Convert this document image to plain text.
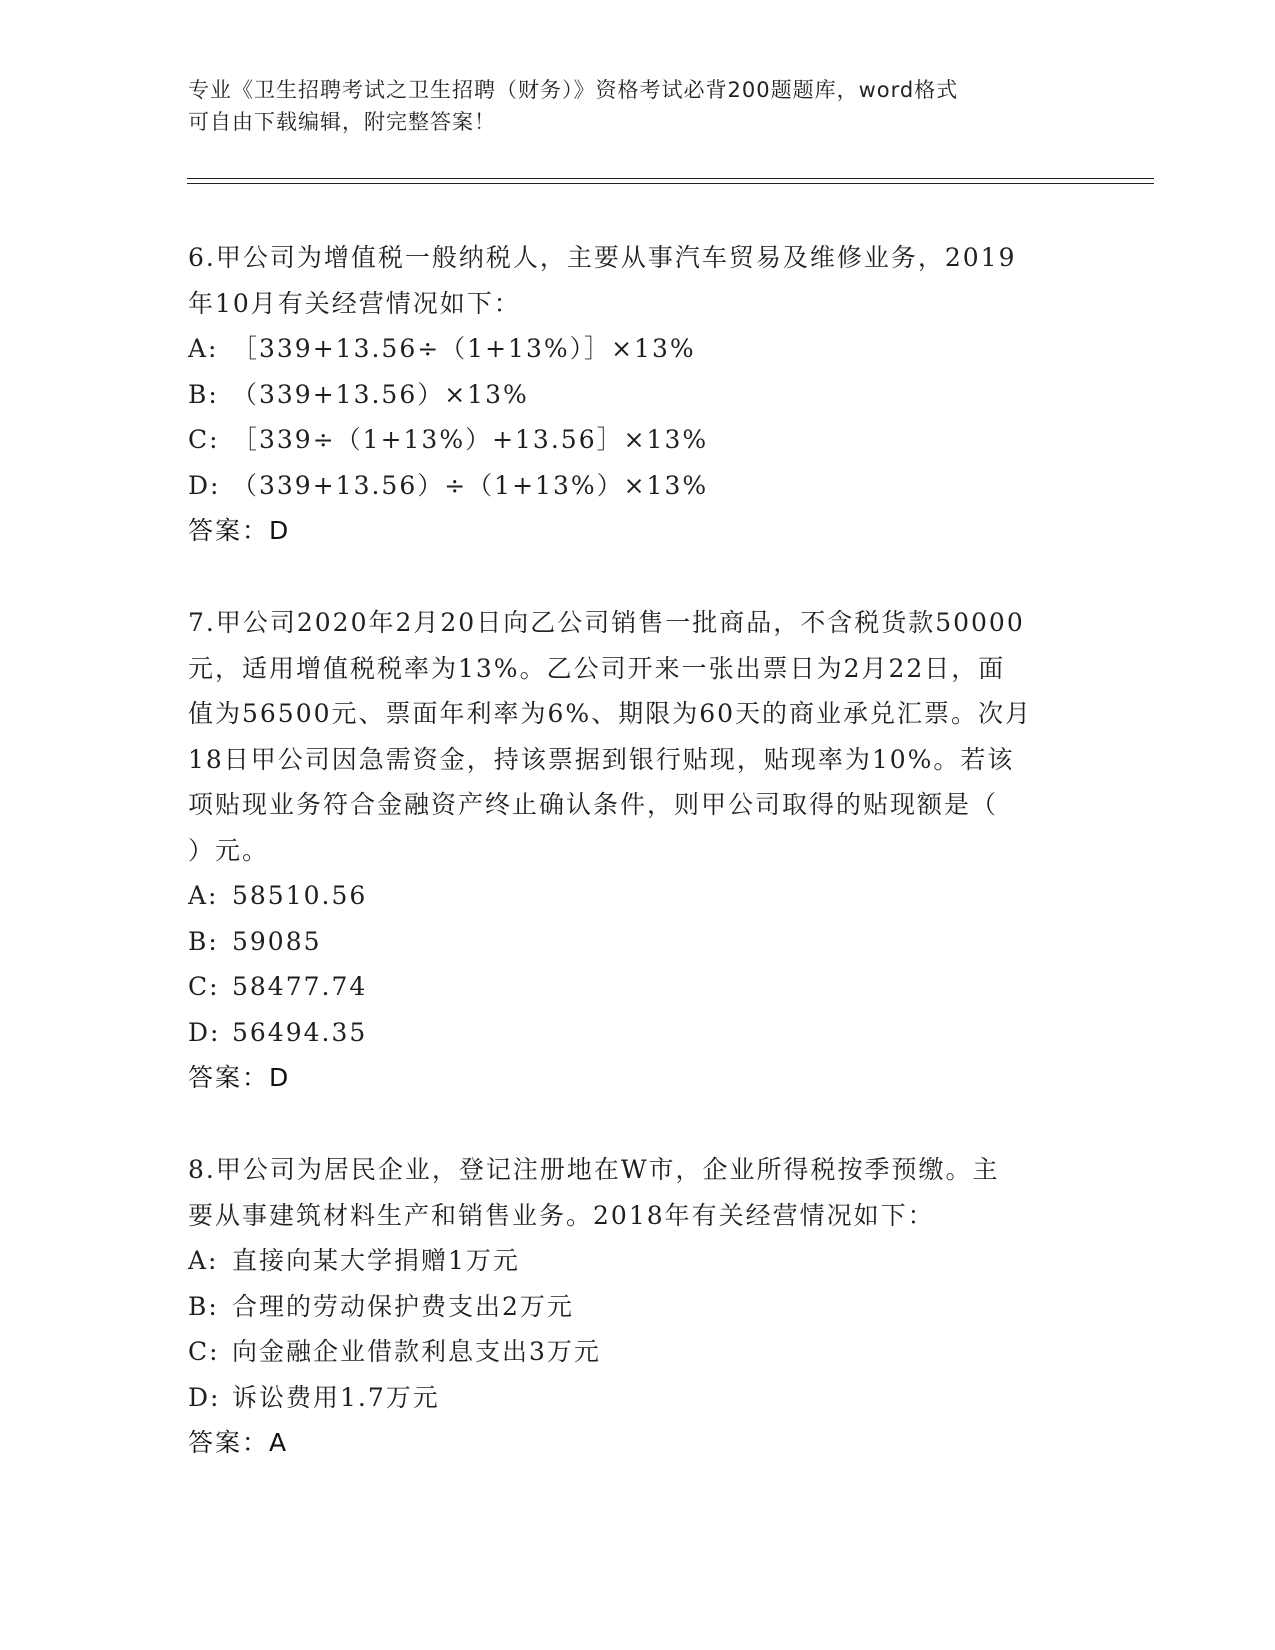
专业《卫生招聘考试之卫生招聘（财务）》资格考试必背200题题库，word格式
可自由下载编辑，附完整答案！
6.甲公司为增值税一般纳税人，主要从事汽车贸易及维修业务，2019
年10月有关经营情况如下：
A: ［339+13.56÷（1+13%）］×13%
B: （339+13.56）×13%
C: ［339÷（1+13%）+13.56］×13%
D: （339+13.56）÷（1+13%）×13%
答案：D
7.甲公司2020年2月20日向乙公司销售一批商品，不含税货款50000
元，适用增值税税率为13%。乙公司开来一张出票日为2月22日，面
值为56500元、票面年利率为6%、期限为60天的商业承兑汇票。次月
18日甲公司因急需资金，持该票据到银行贴现，贴现率为10%。若该
项贴现业务符合金融资产终止确认条件，则甲公司取得的贴现额是（
）元。
A: 58510.56
B: 59085
C: 58477.74
D: 56494.35
答案：D
8.甲公司为居民企业，登记注册地在W市，企业所得税按季预缴。主
要从事建筑材料生产和销售业务。2018年有关经营情况如下：
A: 直接向某大学捐赠1万元
B: 合理的劳动保护费支出2万元
C: 向金融企业借款利息支出3万元
D: 诉讼费用1.7万元
答案：A
